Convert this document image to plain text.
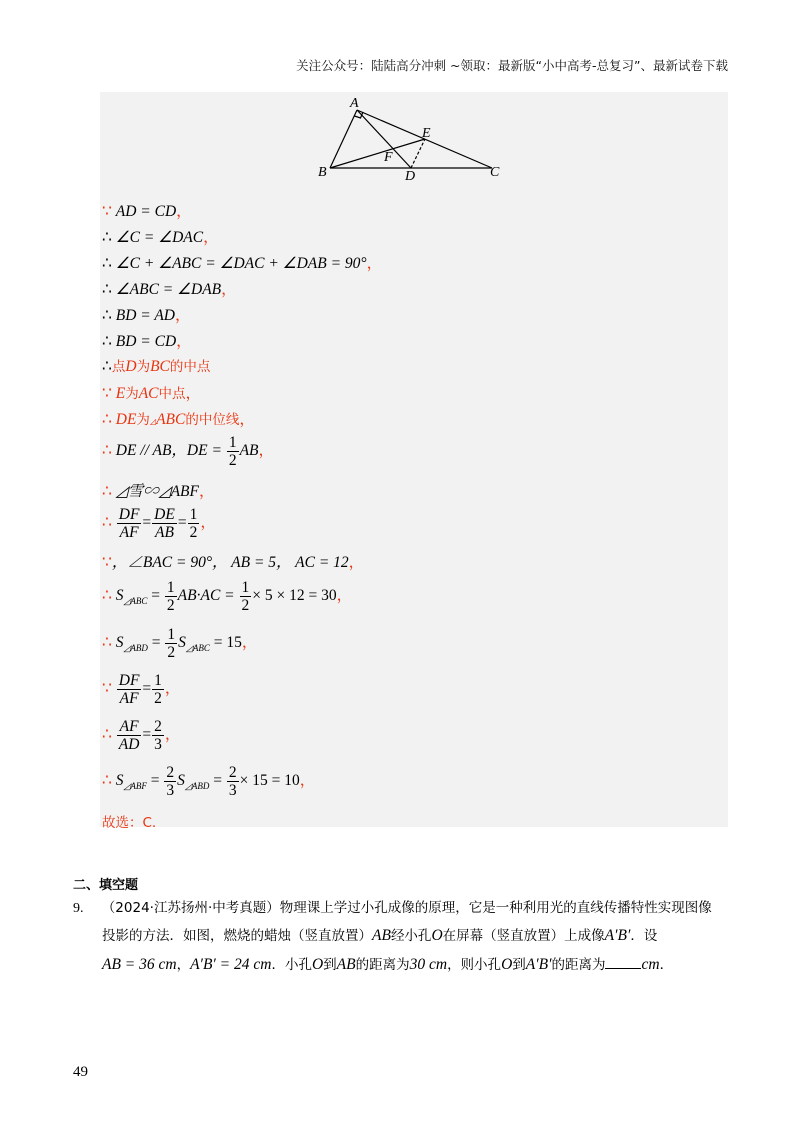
关注公众号：陆陆高分冲刺 ~领取：最新版“小中高考-总复习”、最新试卷下载
A
B	C
D
E
F
∵ AD = CD，
∴ ∠C = ∠DAC，
∴ ∠C + ∠ABC = ∠DAC + ∠DAB = 90°，
∴ ∠ABC = ∠DAB，
∴ BD = AD，
∴ BD = CD，
∴点D为BC的中点
∵ E为AC中点，
∴ DE为◿ABC的中位线，
∴ DE // AB，DE = $\frac{1}{2}$ AB，
∴ ◿雪∽◿ABF，
∴ $\frac{DF}{AF} = \frac{DE}{AB} = \frac{1}{2}$ ，
∵，∠BAC = 90°， AB = 5， AC = 12，
∴ $S_{◿ABC} = \frac{1}{2} AB\cdot AC = \frac{1}{2} \times 5 \times 12 = 30$，
∴ $S_{◿ABD} = \frac{1}{2} S_{◿ABC} = 15$，
∵ $\frac{DF}{AF} = \frac{1}{2}$ ，
∴ $\frac{AF}{AD} = \frac{2}{3}$ ，
∴ $S_{◿ABF} = \frac{2}{3} S_{◿ABD} = \frac{2}{3} \times 15 = 10$，
故选：C.
二、填空题
9. （2024·江苏扬州·中考真题）物理课上学过小孔成像的原理，它是一种利用光的直线传播特性实现图像
投影的方法．如图，燃烧的蜡烛（竖直放置）AB经小孔O在屏幕（竖直放置）上成像A′B′．设
AB = 36 cm，A′B′ = 24 cm．小孔O到AB的距离为30 cm，则小孔O到A′B′的距离为 cm．
49
